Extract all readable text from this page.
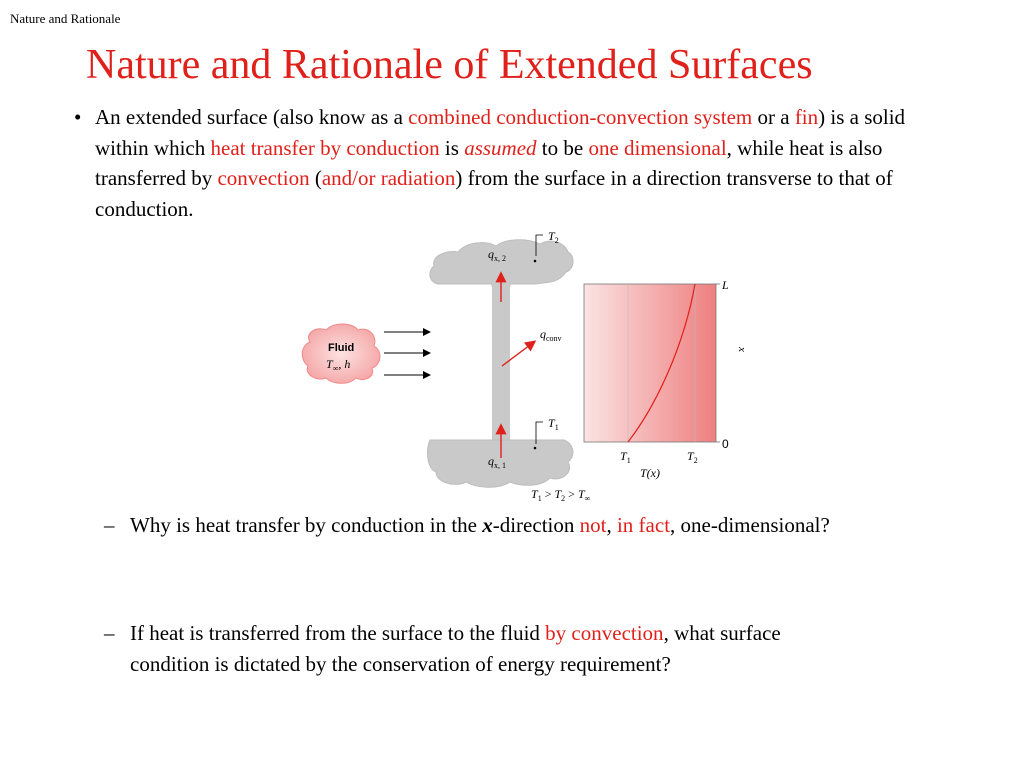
Nature and Rationale
Nature and Rationale of Extended Surfaces
• An extended surface (also know as a combined conduction-convection system or a fin) is a solid within which heat transfer by conduction is assumed to be one dimensional, while heat is also transferred by convection (and/or radiation) from the surface in a direction transverse to that of conduction.
Fluid
$T_\infty$, h
$q_{x, 2}$
$q_{x, 1}$
$q_{conv}$
$T_2$
$T_1$
L
x
0
$T_1$	$T_2$
T(x)
$T_1 > T_2 > T_\infty$
– Why is heat transfer by conduction in the x-direction not, in fact, one-dimensional?
– If heat is transferred from the surface to the fluid by convection, what surface condition is dictated by the conservation of energy requirement?
